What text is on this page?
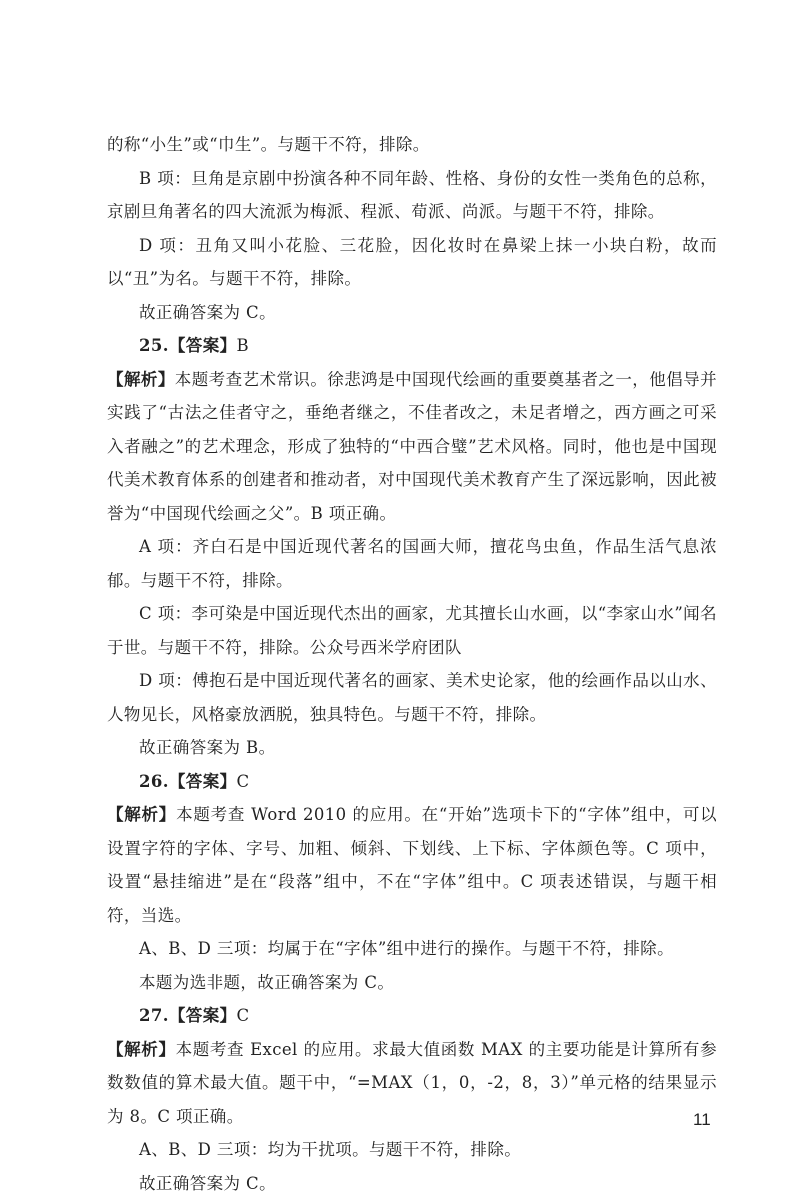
的称“小生”或“巾生”。与题干不符，排除。

B 项：旦角是京剧中扮演各种不同年龄、性格、身份的女性一类角色的总称，京剧旦角著名的四大流派为梅派、程派、荀派、尚派。与题干不符，排除。

D 项：丑角又叫小花脸、三花脸，因化妆时在鼻梁上抹一小块白粉，故而以“丑”为名。与题干不符，排除。

故正确答案为 C。

25.【答案】B

【解析】本题考查艺术常识。徐悲鸿是中国现代绘画的重要奠基者之一，他倡导并实践了“古法之佳者守之，垂绝者继之，不佳者改之，未足者增之，西方画之可采入者融之”的艺术理念，形成了独特的“中西合璧”艺术风格。同时，他也是中国现代美术教育体系的创建者和推动者，对中国现代美术教育产生了深远影响，因此被誉为“中国现代绘画之父”。B 项正确。

A 项：齐白石是中国近现代著名的国画大师，擅花鸟虫鱼，作品生活气息浓郁。与题干不符，排除。

C 项：李可染是中国近现代杰出的画家，尤其擅长山水画，以“李家山水”闻名于世。与题干不符，排除。公众号西米学府团队

D 项：傅抱石是中国近现代著名的画家、美术史论家，他的绘画作品以山水、人物见长，风格豪放洒脱，独具特色。与题干不符，排除。

故正确答案为 B。

26.【答案】C

【解析】本题考查 Word 2010 的应用。在“开始”选项卡下的“字体”组中，可以设置字符的字体、字号、加粗、倾斜、下划线、上下标、字体颜色等。C 项中，设置“悬挂缩进”是在“段落”组中，不在“字体”组中。C 项表述错误，与题干相符，当选。

A、B、D 三项：均属于在“字体”组中进行的操作。与题干不符，排除。

本题为选非题，故正确答案为 C。

27.【答案】C

【解析】本题考查 Excel 的应用。求最大值函数 MAX 的主要功能是计算所有参数数值的算术最大值。题干中，“=MAX（1，0，-2，8，3）”单元格的结果显示为 8。C 项正确。

A、B、D 三项：均为干扰项。与题干不符，排除。

故正确答案为 C。

11
